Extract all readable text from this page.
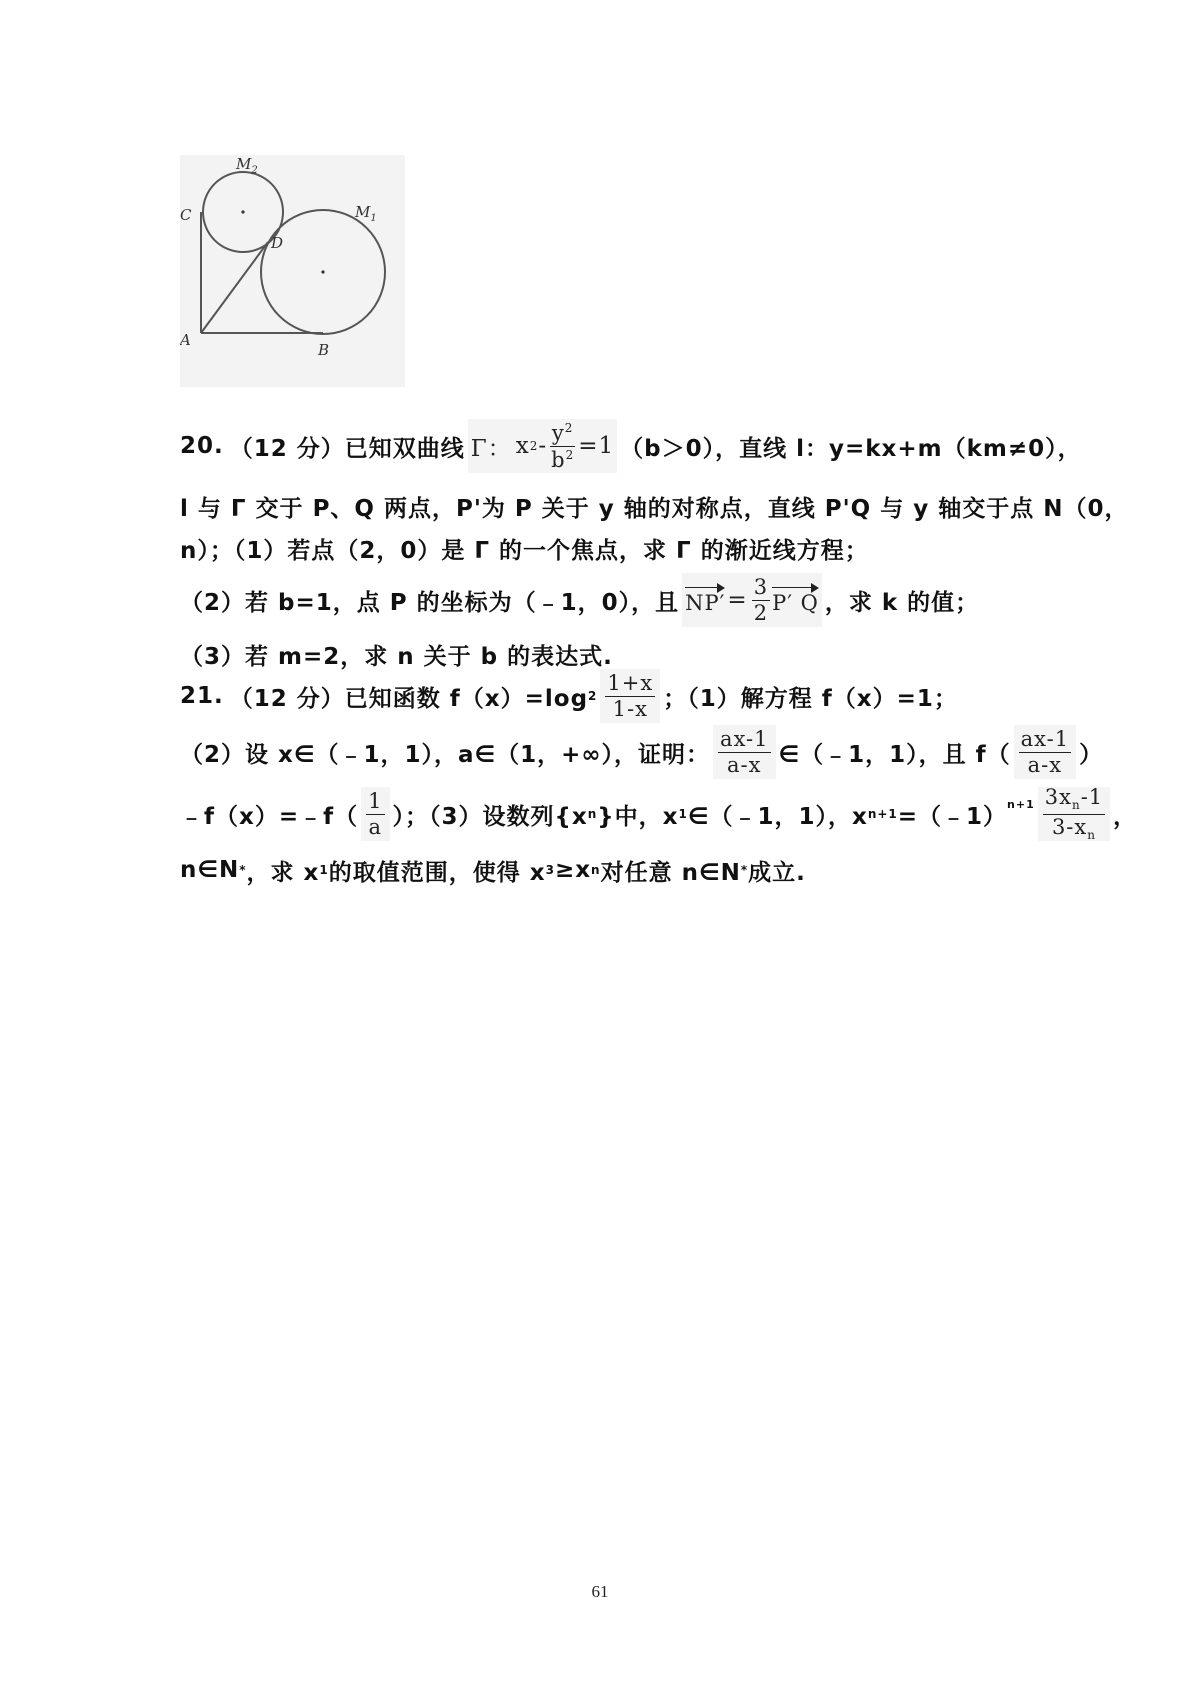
$M_2$
$M_1$
C
D
A
B
20. （12 分） 已知双曲线 Γ： x $2 - \frac{y^2}{b^2} =1$ （b＞0），直线 l：y=kx+m（km≠0），
l 与 Γ 交于 P、Q 两点，P'为 P 关于 y 轴的对称点，直线 P'Q 与 y 轴交于点 N（0，
n）；（1）若点（2，0）是 Γ 的一个焦点，求 Γ 的渐近线方程；
（2）若 b=1，点 P 的坐标为（﹣1，0），且 $NP' = \frac{3}{2} P'$ Q ，求 k 的值；
（3）若 m=2，求 n 关于 b 的表达式.
21. （12 分） 已知函数 f（x）=log $2 \frac{1+x}{1-x}$ ；（1）解方程 f（x）=1；
（2）设 x∈（﹣1，1），a∈（1，+∞），证明： $\frac{ax-1}{a-x}$ ∈（﹣1，1），且 $f( \frac{ax-1}{a-x}$ ）
﹣f（x）=﹣f（ $\frac{1}{a}$ ）；（3）设数列{x n }中，x 1 ∈（﹣1，1），x n+1 =（﹣1） $n+1 \frac{3x_n-1}{3-x_n}$ ，
n∈N * ，求 x 1 的取值范围，使得 x 3 ≥x n 对任意 n∈N * 成立.
61
